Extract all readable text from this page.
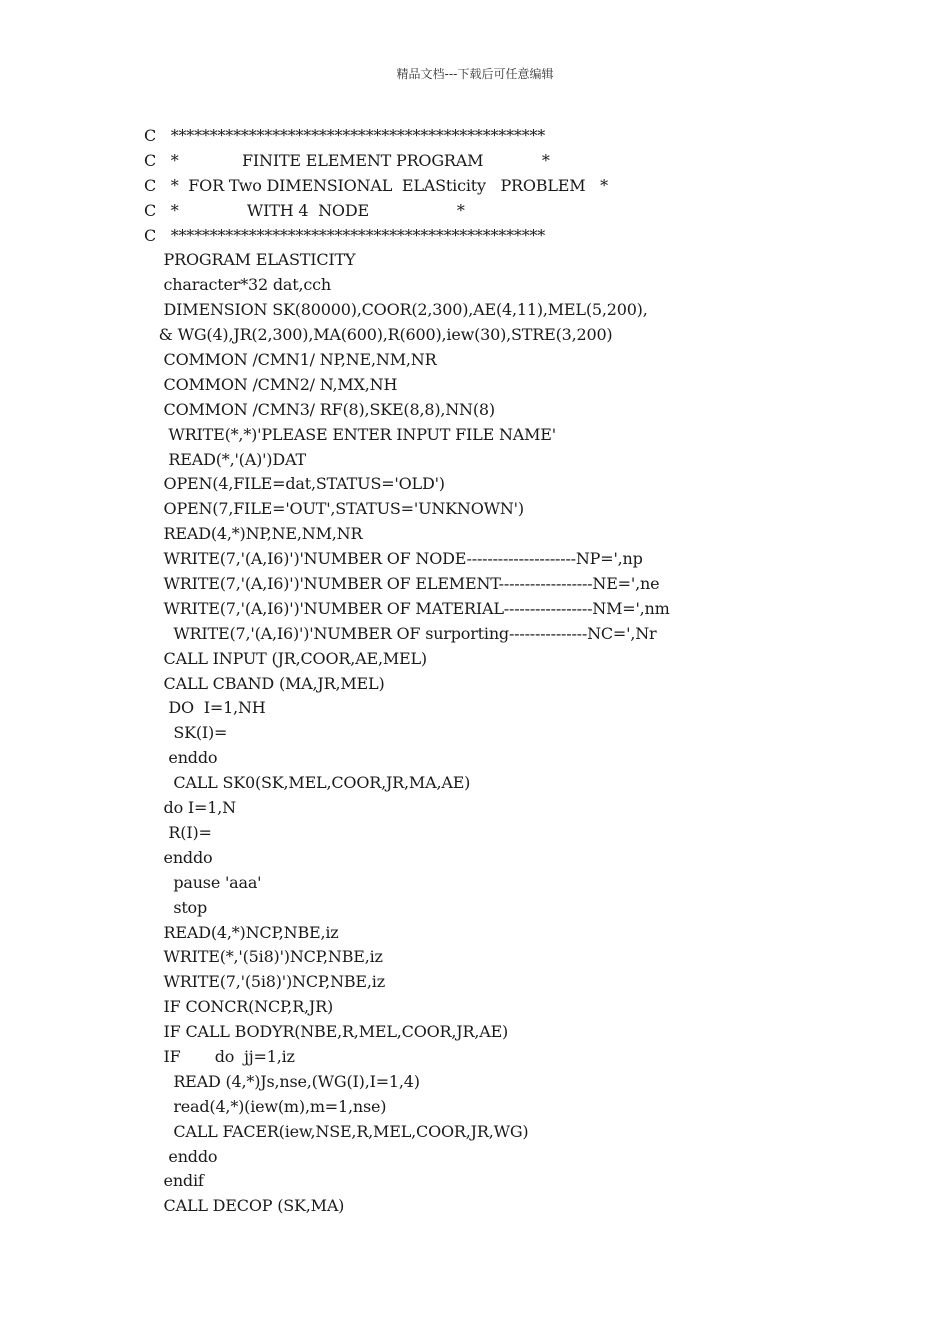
精品文档---下载后可任意编辑
C   ************************************************
C   *             FINITE ELEMENT PROGRAM            *
C   *  FOR Two DIMENSIONAL  ELASticity   PROBLEM   *
C   *              WITH 4  NODE                  *
C   ************************************************
PROGRAM ELASTICITY
character*32 dat,cch
DIMENSION SK(80000),COOR(2,300),AE(4,11),MEL(5,200),
& WG(4),JR(2,300),MA(600),R(600),iew(30),STRE(3,200)
COMMON /CMN1/ NP,NE,NM,NR
COMMON /CMN2/ N,MX,NH
COMMON /CMN3/ RF(8),SKE(8,8),NN(8)
WRITE(*,*)'PLEASE ENTER INPUT FILE NAME'
READ(*,'(A)')DAT
OPEN(4,FILE=dat,STATUS='OLD')
OPEN(7,FILE='OUT',STATUS='UNKNOWN')
READ(4,*)NP,NE,NM,NR
WRITE(7,'(A,I6)')'NUMBER OF NODE---------------------NP=',np
WRITE(7,'(A,I6)')'NUMBER OF ELEMENT------------------NE=',ne
WRITE(7,'(A,I6)')'NUMBER OF MATERIAL-----------------NM=',nm
WRITE(7,'(A,I6)')'NUMBER OF surporting---------------NC=',Nr
CALL INPUT (JR,COOR,AE,MEL)
CALL CBAND (MA,JR,MEL)
DO  I=1,NH
SK(I)=
enddo
CALL SK0(SK,MEL,COOR,JR,MA,AE)
do I=1,N
R(I)=
enddo
pause 'aaa'
stop
READ(4,*)NCP,NBE,iz
WRITE(*,'(5i8)')NCP,NBE,iz
WRITE(7,'(5i8)')NCP,NBE,iz
IF CONCR(NCP,R,JR)
IF CALL BODYR(NBE,R,MEL,COOR,JR,AE)
IF       do  jj=1,iz
READ (4,*)Js,nse,(WG(I),I=1,4)
read(4,*)(iew(m),m=1,nse)
CALL FACER(iew,NSE,R,MEL,COOR,JR,WG)
enddo
endif
CALL DECOP (SK,MA)
